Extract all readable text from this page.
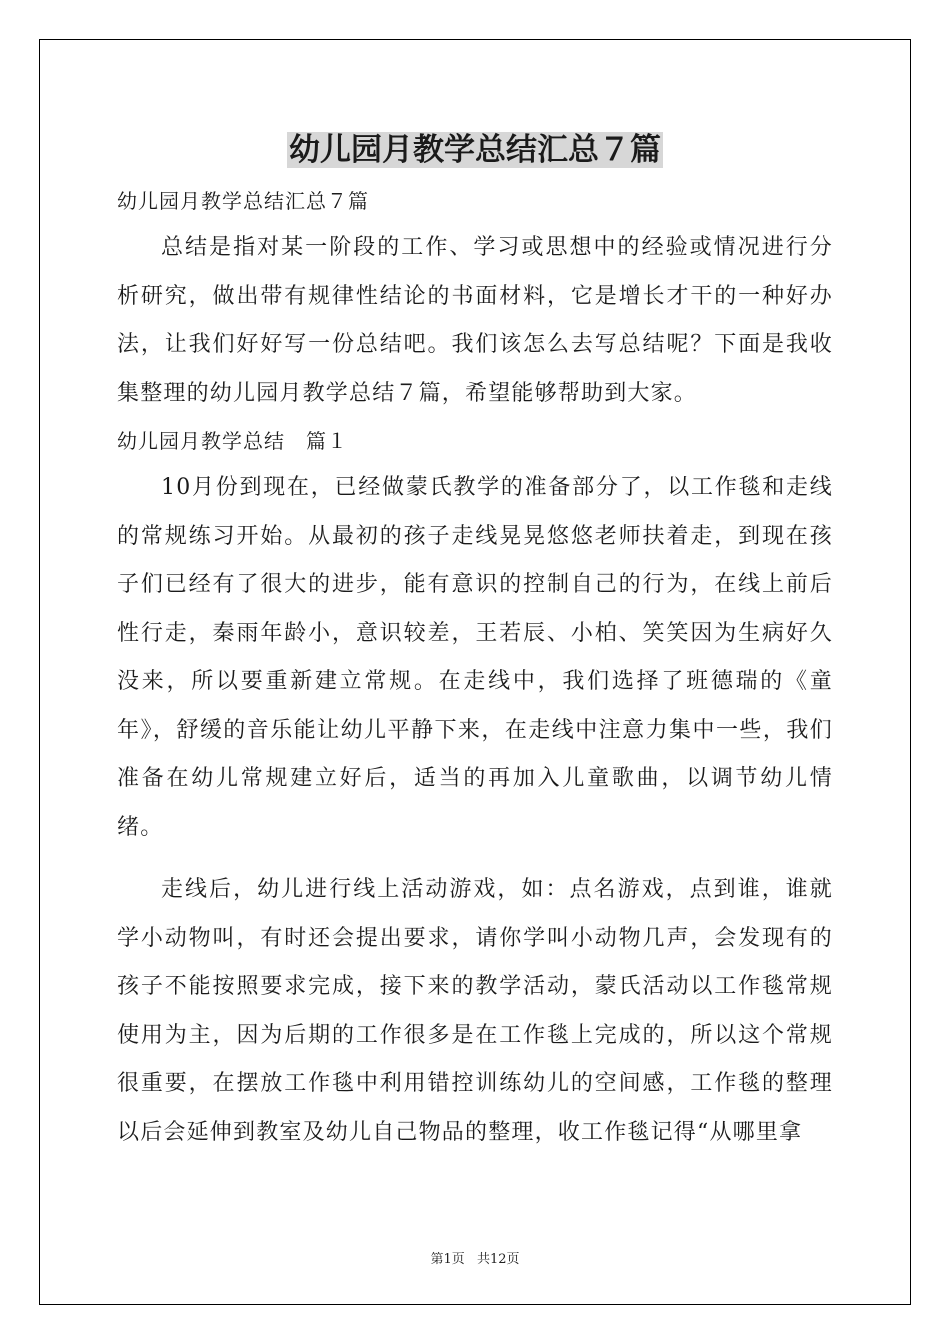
幼儿园月教学总结汇总７篇

幼儿园月教学总结汇总７篇

总结是指对某一阶段的工作、学习或思想中的经验或情况进行分析研究，做出带有规律性结论的书面材料，它是增长才干的一种好办法，让我们好好写一份总结吧。我们该怎么去写总结呢？下面是我收集整理的幼儿园月教学总结７篇，希望能够帮助到大家。

幼儿园月教学总结　篇１

10月份到现在，已经做蒙氏教学的准备部分了，以工作毯和走线的常规练习开始。从最初的孩子走线晃晃悠悠老师扶着走，到现在孩子们已经有了很大的进步，能有意识的控制自己的行为，在线上前后性行走，秦雨年龄小，意识较差，王若辰、小柏、笑笑因为生病好久没来，所以要重新建立常规。在走线中，我们选择了班德瑞的《童年》，舒缓的音乐能让幼儿平静下来，在走线中注意力集中一些，我们准备在幼儿常规建立好后，适当的再加入儿童歌曲，以调节幼儿情绪。

走线后，幼儿进行线上活动游戏，如：点名游戏，点到谁，谁就学小动物叫，有时还会提出要求，请你学叫小动物几声，会发现有的孩子不能按照要求完成，接下来的教学活动，蒙氏活动以工作毯常规使用为主，因为后期的工作很多是在工作毯上完成的，所以这个常规很重要，在摆放工作毯中利用错控训练幼儿的空间感，工作毯的整理以后会延伸到教室及幼儿自己物品的整理，收工作毯记得“从哪里拿

第1页 共12页
